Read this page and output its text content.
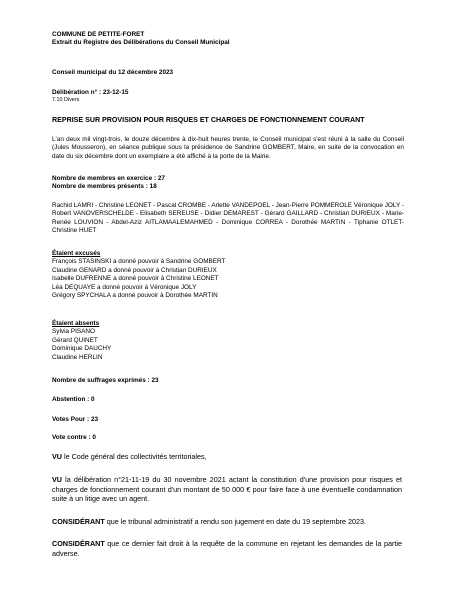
COMMUNE DE PETITE-FORET
Extrait du Registre des Délibérations du Conseil Municipal
Conseil municipal du 12 décembre 2023
Délibération n° : 23-12-15
7.10 Divers
REPRISE SUR PROVISION POUR RISQUES ET CHARGES DE FONCTIONNEMENT COURANT
L'an deux mil vingt-trois, le douze décembre à dix-huit heures trente, le Conseil municipal s'est réuni à la salle du Conseil (Jules Mousseron), en séance publique sous la présidence de Sandrine GOMBERT, Maire, en suite de la convocation en date du six décembre dont un exemplaire a été affiché à la porte de la Mairie.
Nombre de membres en exercice : 27
Nombre de membres présents : 18
Rachid LAMRI - Christine LEONET - Pascal CROMBE - Arlette VANDEPOEL - Jean-Pierre POMMEROLE Véronique JOLY - Robert VANOVERSCHELDE - Elisabeth SEREUSE - Didier DEMAREST - Gérard GAILLARD - Christian DURIEUX - Marie-Renée LOUVION - Abdel-Aziz AITLAMAALEMAHMED - Dominique CORREA - Dorothée MARTIN - Tiphanie OTLET- Christine HUET
Étaient excusés
François STASINSKI a donné pouvoir à Sandrine GOMBERT
Claudine GENARD a donné pouvoir à Christian DURIEUX
Isabelle DUFRENNE a donné pouvoir à Christine LEONET
Léa DEQUAYE a donné pouvoir à Véronique JOLY
Grégory SPYCHALA a donné pouvoir à Dorothée MARTIN
Étaient absents
Sylvia PISANO
Gérard QUINET
Dominique DAUCHY
Claudine HERLIN
Nombre de suffrages exprimés : 23
Abstention : 0
Votes Pour : 23
Vote contre : 0
VU le Code général des collectivités territoriales,
VU la délibération n°21-11-19 du 30 novembre 2021 actant la constitution d'une provision pour risques et charges de fonctionnement courant d'un montant de 50 000 € pour faire face à une éventuelle condamnation suite à un litige avec un agent.
CONSIDÉRANT que le tribunal administratif a rendu son jugement en date du 19 septembre 2023.
CONSIDÉRANT que ce dernier fait droit à la requête de la commune en rejetant les demandes de la partie adverse.
